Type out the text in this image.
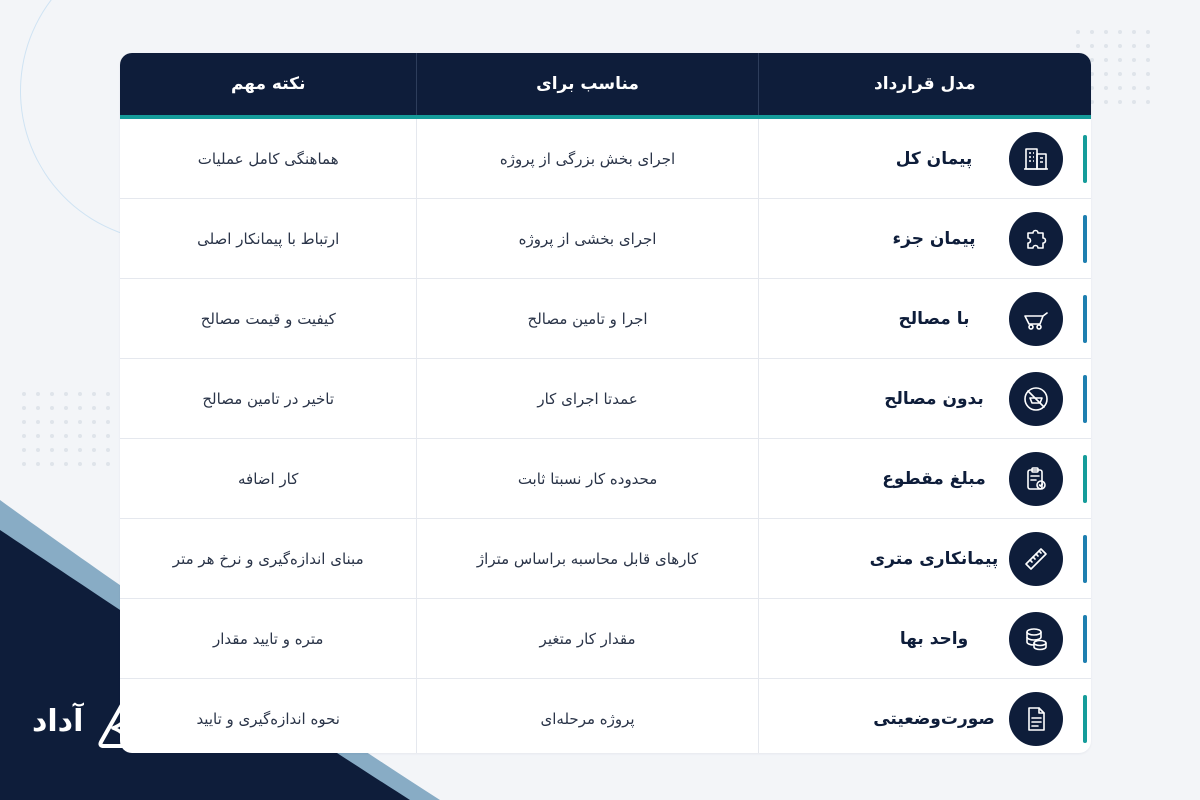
مدل قرارداد
مناسب برای
نکته مهم
پیمان کل
اجرای بخش بزرگی از پروژه
هماهنگی کامل عملیات
پیمان جزء
اجرای بخشی از پروژه
ارتباط با پیمانکار اصلی
با مصالح
اجرا و تامین مصالح
کیفیت و قیمت مصالح
بدون مصالح
عمدتا اجرای کار
تاخیر در تامین مصالح
مبلغ مقطوع
محدوده کار نسبتا ثابت
کار اضافه
پیمانکاری متری
کارهای قابل محاسبه براساس متراژ
مبنای اندازه‌گیری و نرخ هر متر
واحد بها
مقدار کار متغیر
متره و تایید مقدار
صورت‌وضعیتی
پروژه مرحله‌ای
نحوه اندازه‌گیری و تایید
آداد
